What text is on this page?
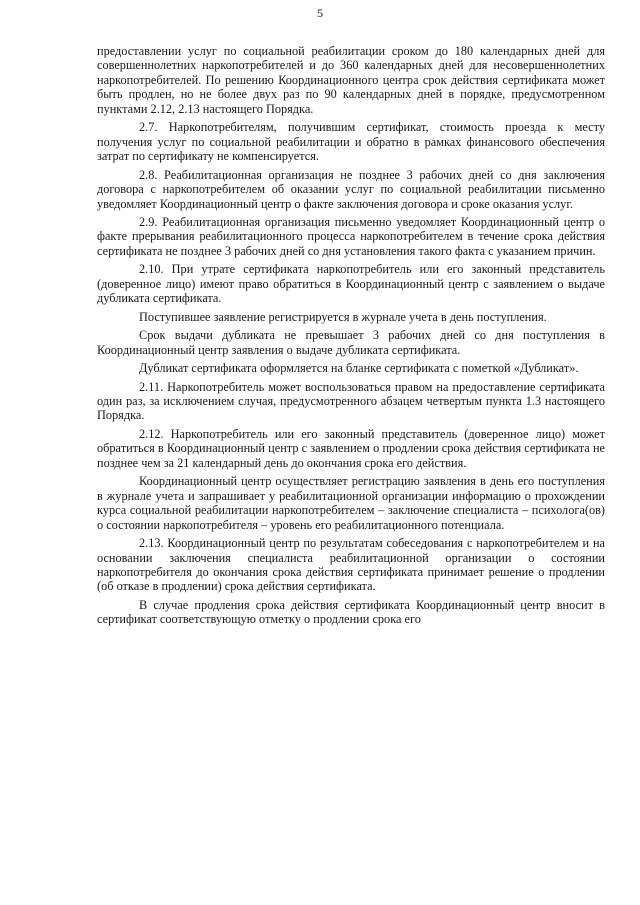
5

предоставлении услуг по социальной реабилитации сроком до 180 календарных дней для совершеннолетних наркопотребителей и до 360 календарных дней для несовершеннолетних наркопотребителей. По решению Координационного центра срок действия сертификата может быть продлен, но не более двух раз по 90 календарных дней в порядке, предусмотренном пунктами 2.12, 2.13 настоящего Порядка.

2.7. Наркопотребителям, получившим сертификат, стоимость проезда к месту получения услуг по социальной реабилитации и обратно в рамках финансового обеспечения затрат по сертификату не компенсируется.

2.8. Реабилитационная организация не позднее 3 рабочих дней со дня заключения договора с наркопотребителем об оказании услуг по социальной реабилитации письменно уведомляет Координационный центр о факте заключения договора и сроке оказания услуг.

2.9. Реабилитационная организация письменно уведомляет Координационный центр о факте прерывания реабилитационного процесса наркопотребителем в течение срока действия сертификата не позднее 3 рабочих дней со дня установления такого факта с указанием причин.

2.10. При утрате сертификата наркопотребитель или его законный представитель (доверенное лицо) имеют право обратиться в Координационный центр с заявлением о выдаче дубликата сертификата.

Поступившее заявление регистрируется в журнале учета в день поступления.

Срок выдачи дубликата не превышает 3 рабочих дней со дня поступления в Координационный центр заявления о выдаче дубликата сертификата.

Дубликат сертификата оформляется на бланке сертификата с пометкой «Дубликат».

2.11. Наркопотребитель может воспользоваться правом на предоставление сертификата один раз, за исключением случая, предусмотренного абзацем четвертым пункта 1.3 настоящего Порядка.

2.12. Наркопотребитель или его законный представитель (доверенное лицо) может обратиться в Координационный центр с заявлением о продлении срока действия сертификата не позднее чем за 21 календарный день до окончания срока его действия.

Координационный центр осуществляет регистрацию заявления в день его поступления в журнале учета и запрашивает у реабилитационной организации информацию о прохождении курса социальной реабилитации наркопотребителем – заключение специалиста – психолога(ов) о состоянии наркопотребителя – уровень его реабилитационного потенциала.

2.13. Координационный центр по результатам собеседования с наркопотребителем и на основании заключения специалиста реабилитационной организации о состоянии наркопотребителя до окончания срока действия сертификата принимает решение о продлении (об отказе в продлении) срока действия сертификата.

В случае продления срока действия сертификата Координационный центр вносит в сертификат соответствующую отметку о продлении срока его
